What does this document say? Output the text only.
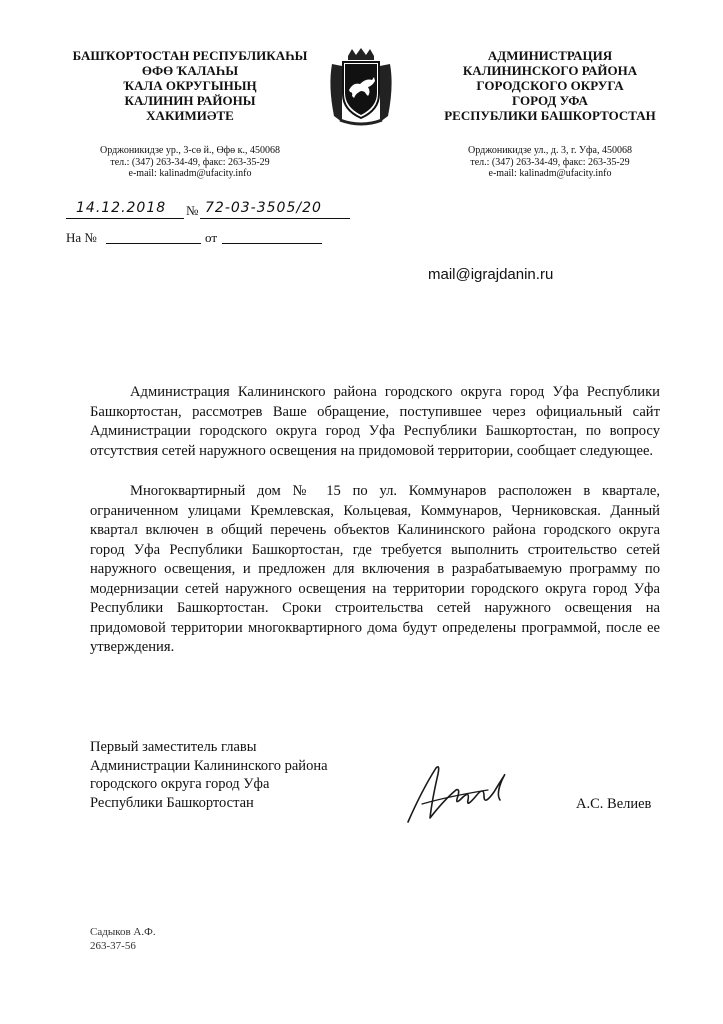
БАШҠОРТОСТАН РЕСПУБЛИКАҺЫ
ӨФӨ ҠАЛАҺЫ
ҠАЛА ОКРУГЫНЫҢ
КАЛИНИН РАЙОНЫ
ХАКИМИӘТЕ
Орджоникидзе ур., 3-сө й., Өфө к., 450068
тел.: (347) 263-34-49, факс: 263-35-29
e-mail: kalinadm@ufacity.info
АДМИНИСТРАЦИЯ
КАЛИНИНСКОГО РАЙОНА
ГОРОДСКОГО ОКРУГА
ГОРОД УФА
РЕСПУБЛИКИ БАШКОРТОСТАН
Орджоникидзе ул., д. 3, г. Уфа, 450068
тел.: (347) 263-34-49, факс: 263-35-29
e-mail: kalinadm@ufacity.info
14.12.2018 № 72-03-3505/20
На №	от
mail@igrajdanin.ru

Администрация Калининского района городского округа город Уфа Республики Башкортостан, рассмотрев Ваше обращение, поступившее через официальный сайт Администрации городского округа город Уфа Республики Башкортостан, по вопросу отсутствия сетей наружного освещения на придомовой территории, сообщает следующее.

Многоквартирный дом № 15 по ул. Коммунаров расположен в квартале, ограниченном улицами Кремлевская, Кольцевая, Коммунаров, Черниковская. Данный квартал включен в общий перечень объектов Калининского района городского округа город Уфа Республики Башкортостан, где требуется выполнить строительство сетей наружного освещения, и предложен для включения в разрабатываемую программу по модернизации сетей наружного освещения на территории городского округа город Уфа Республики Башкортостан. Сроки строительства сетей наружного освещения на придомовой территории многоквартирного дома будут определены программой, после ее утверждения.

Первый заместитель главы
Администрации Калининского района
городского округа город Уфа
Республики Башкортостан	А.С. Велиев
Садыков А.Ф.
263-37-56
